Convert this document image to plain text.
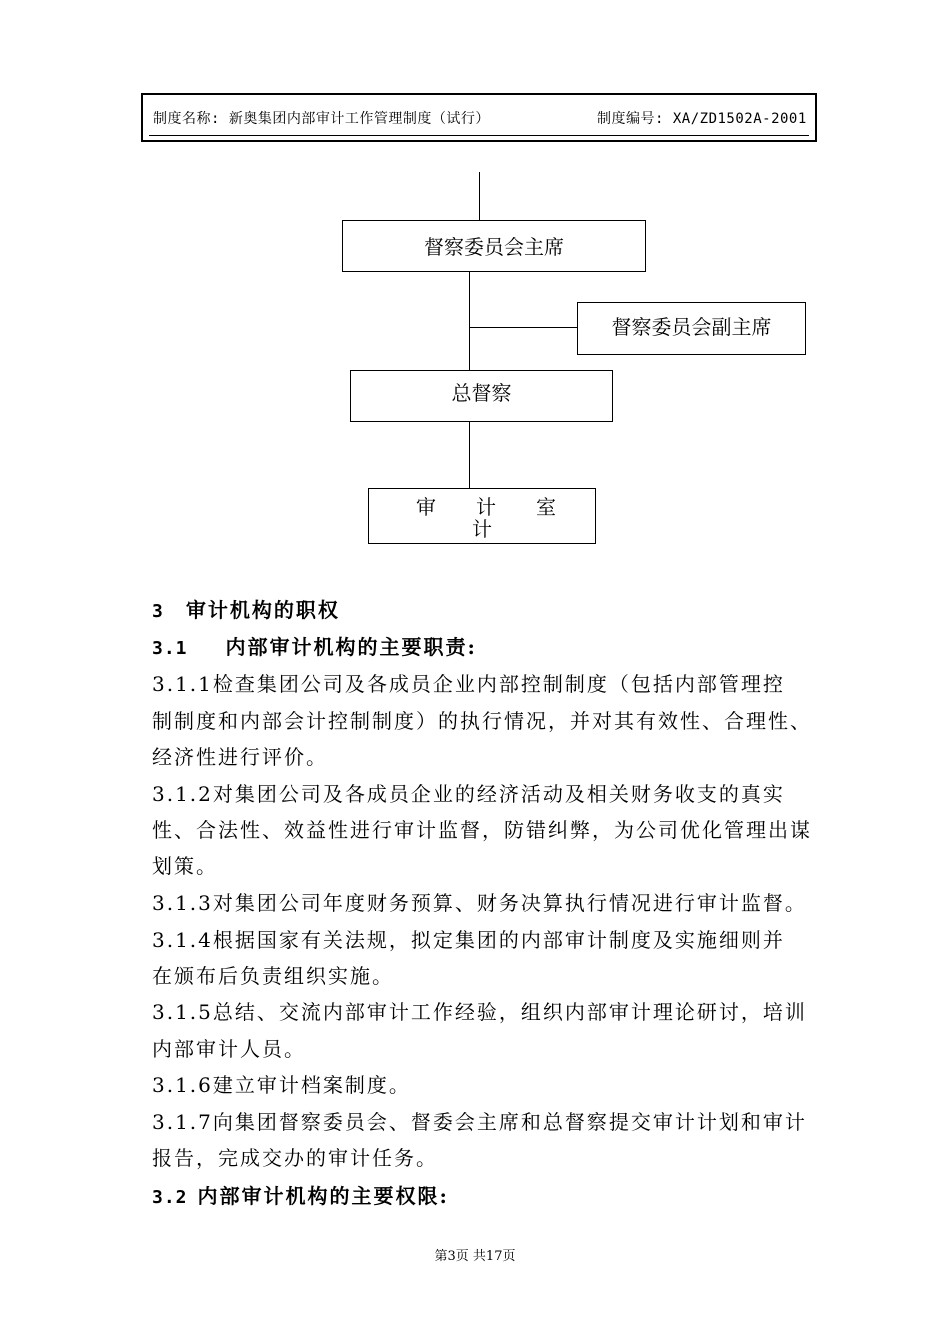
制度名称: 新奥集团内部审计工作管理制度（试行）	制度编号: XA/ZD1502A-2001
督察委员会主席
督察委员会副主席
总督察
审　　计　　室
计
3 审计机构的职权
3.1 内部审计机构的主要职责:
3.1.1检查集团公司及各成员企业内部控制制度（包括内部管理控
制制度和内部会计控制制度）的执行情况，并对其有效性、合理性、
经济性进行评价。
3.1.2对集团公司及各成员企业的经济活动及相关财务收支的真实
性、合法性、效益性进行审计监督，防错纠弊，为公司优化管理出谋
划策。
3.1.3对集团公司年度财务预算、财务决算执行情况进行审计监督。
3.1.4根据国家有关法规，拟定集团的内部审计制度及实施细则并
在颁布后负责组织实施。
3.1.5总结、交流内部审计工作经验，组织内部审计理论研讨，培训
内部审计人员。
3.1.6建立审计档案制度。
3.1.7向集团督察委员会、督委会主席和总督察提交审计计划和审计
报告，完成交办的审计任务。
3.2 内部审计机构的主要权限:
第3页 共17页
